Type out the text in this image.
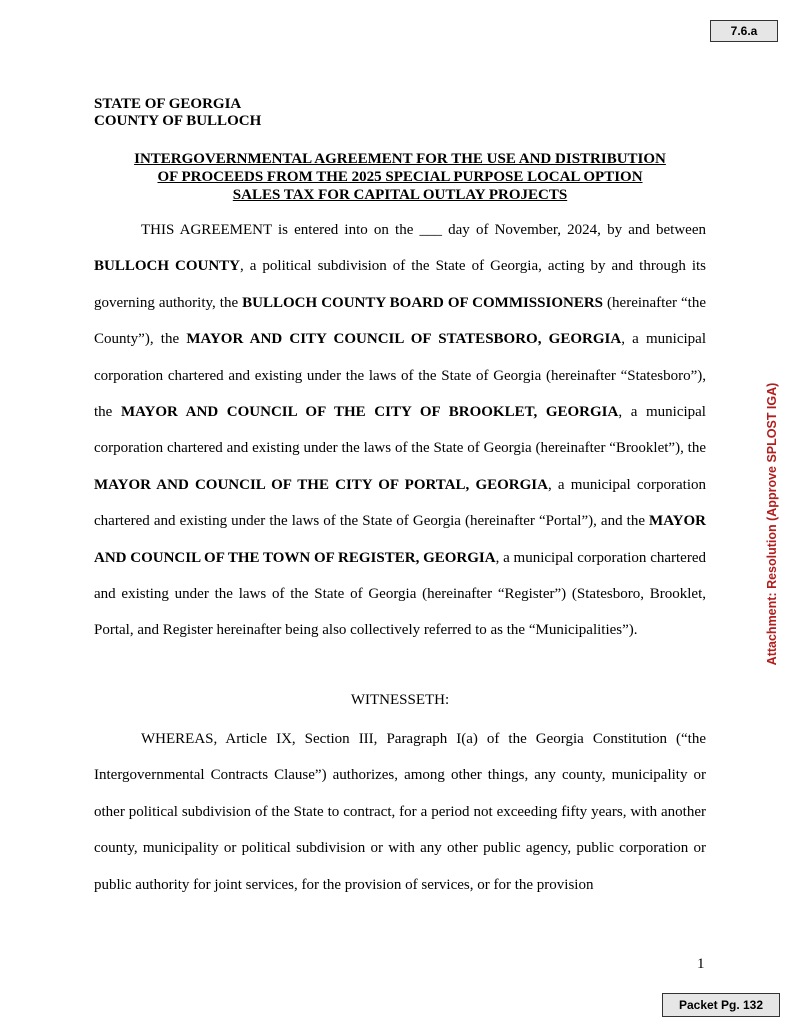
7.6.a
Attachment: Resolution (Approve SPLOST IGA)
STATE OF GEORGIA
COUNTY OF BULLOCH
INTERGOVERNMENTAL AGREEMENT FOR THE USE AND DISTRIBUTION
OF PROCEEDS FROM THE 2025 SPECIAL PURPOSE LOCAL OPTION
SALES TAX FOR CAPITAL OUTLAY PROJECTS
THIS AGREEMENT is entered into on the ___ day of November, 2024, by and between BULLOCH COUNTY, a political subdivision of the State of Georgia, acting by and through its governing authority, the BULLOCH COUNTY BOARD OF COMMISSIONERS (hereinafter “the County”), the MAYOR AND CITY COUNCIL OF STATESBORO, GEORGIA, a municipal corporation chartered and existing under the laws of the State of Georgia (hereinafter “Statesboro”), the MAYOR AND COUNCIL OF THE CITY OF BROOKLET, GEORGIA, a municipal corporation chartered and existing under the laws of the State of Georgia (hereinafter “Brooklet”), the MAYOR AND COUNCIL OF THE CITY OF PORTAL, GEORGIA, a municipal corporation chartered and existing under the laws of the State of Georgia (hereinafter “Portal”), and the MAYOR AND COUNCIL OF THE TOWN OF REGISTER, GEORGIA, a municipal corporation chartered and existing under the laws of the State of Georgia (hereinafter “Register”) (Statesboro, Brooklet, Portal, and Register hereinafter being also collectively referred to as the “Municipalities”).
WITNESSETH:
WHEREAS, Article IX, Section III, Paragraph I(a) of the Georgia Constitution (“the Intergovernmental Contracts Clause”) authorizes, among other things, any county, municipality or other political subdivision of the State to contract, for a period not exceeding fifty years, with another county, municipality or political subdivision or with any other public agency, public corporation or public authority for joint services, for the provision of services, or for the provision
1
Packet Pg. 132
